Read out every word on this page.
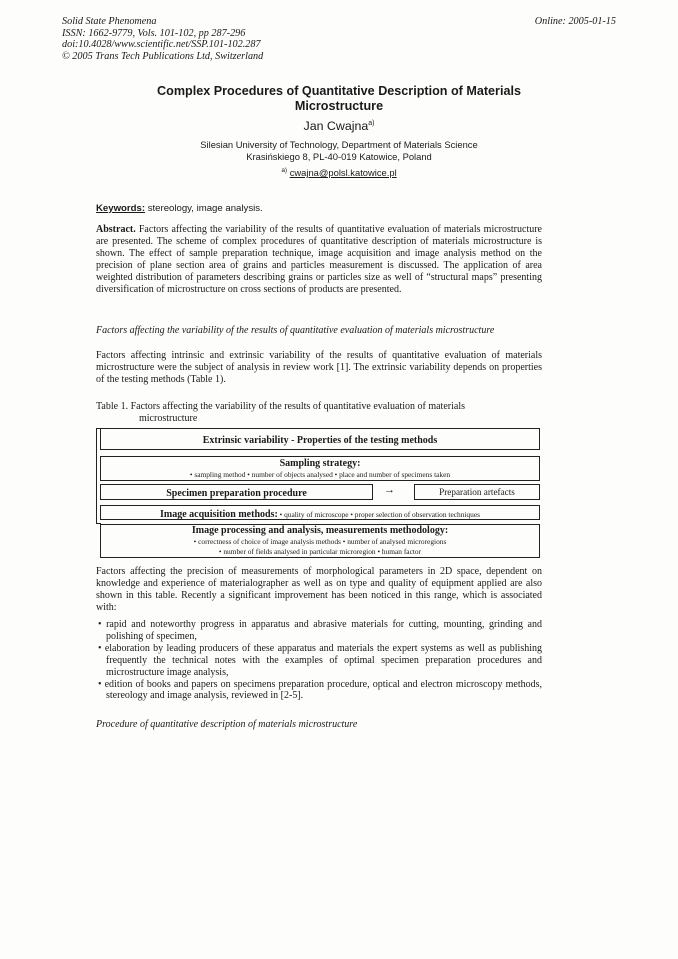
Solid State Phenomena
ISSN: 1662-9779, Vols. 101-102, pp 287-296
doi:10.4028/www.scientific.net/SSP.101-102.287
© 2005 Trans Tech Publications Ltd, Switzerland
Online: 2005-01-15
Complex Procedures of Quantitative Description of Materials
Microstructure
Jan Cwajna$^{a)}$
Silesian University of Technology, Department of Materials Science
Krasińskiego 8, PL-40-019 Katowice, Poland
$^{a)}$ cwajna@polsl.katowice.pl
Keywords: stereology, image analysis.
Abstract. Factors affecting the variability of the results of quantitative evaluation of materials microstructure are presented. The scheme of complex procedures of quantitative description of materials microstructure is shown. The effect of sample preparation technique, image acquisition and image analysis method on the precision of plane section area of grains and particles measurement is discussed. The application of area weighted distribution of parameters describing grains or particles size as well of “structural maps” presenting diversification of microstructure on cross sections of products are presented.
Factors affecting the variability of the results of quantitative evaluation of materials microstructure
Factors affecting intrinsic and extrinsic variability of the results of quantitative evaluation of materials microstructure were the subject of analysis in review work [1]. The extrinsic variability depends on properties of the testing methods (Table 1).
Table 1. Factors affecting the variability of the results of quantitative evaluation of materials
microstructure
Extrinsic variability - Properties of the testing methods
Sampling strategy:
• sampling method • number of objects analysed • place and number of specimens taken
Specimen preparation procedure	→	Preparation artefacts
Image acquisition methods: • quality of microscope • proper selection of observation techniques
Image processing and analysis, measurements methodology:
• correctness of choice of image analysis methods • number of analysed microregions
• number of fields analysed in particular microregion • human factor
Factors affecting the precision of measurements of morphological parameters in 2D space, dependent on knowledge and experience of materialographer as well as on type and quality of equipment applied are also shown in this table. Recently a significant improvement has been noticed in this range, which is associated with:
• rapid and noteworthy progress in apparatus and abrasive materials for cutting, mounting, grinding and polishing of specimen,
• elaboration by leading producers of these apparatus and materials the expert systems as well as publishing frequently the technical notes with the examples of optimal specimen preparation procedures and microstructure image analysis,
• edition of books and papers on specimens preparation procedure, optical and electron microscopy methods, stereology and image analysis, reviewed in [2-5].
Procedure of quantitative description of materials microstructure
